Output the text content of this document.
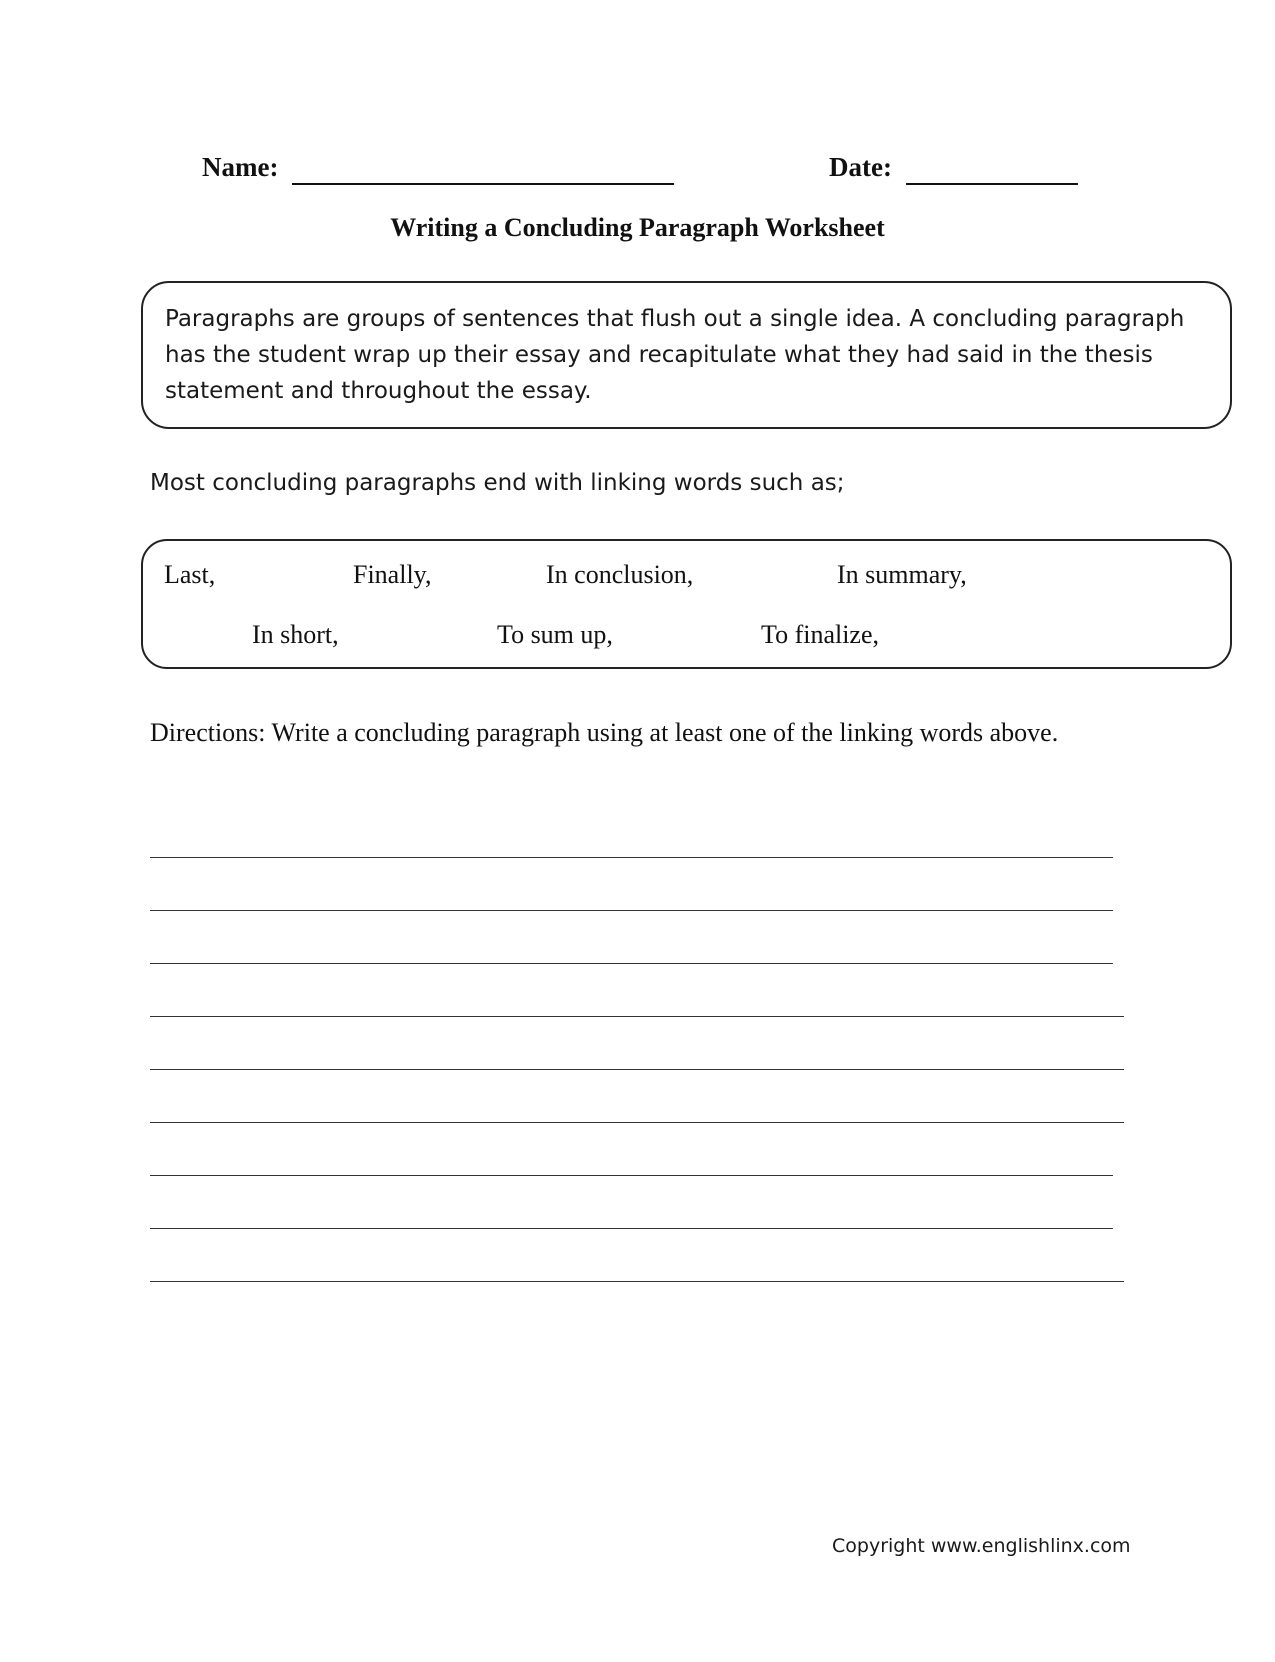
Name:	Date:
Writing a Concluding Paragraph Worksheet
Paragraphs are groups of sentences that flush out a single idea. A concluding paragraph has the student wrap up their essay and recapitulate what they had said in the thesis statement and throughout the essay.
Most concluding paragraphs end with linking words such as;
Last,	Finally,	In conclusion,	In summary,
In short,	To sum up,	To finalize,
Directions: Write a concluding paragraph using at least one of the linking words above.
Copyright www.englishlinx.com
